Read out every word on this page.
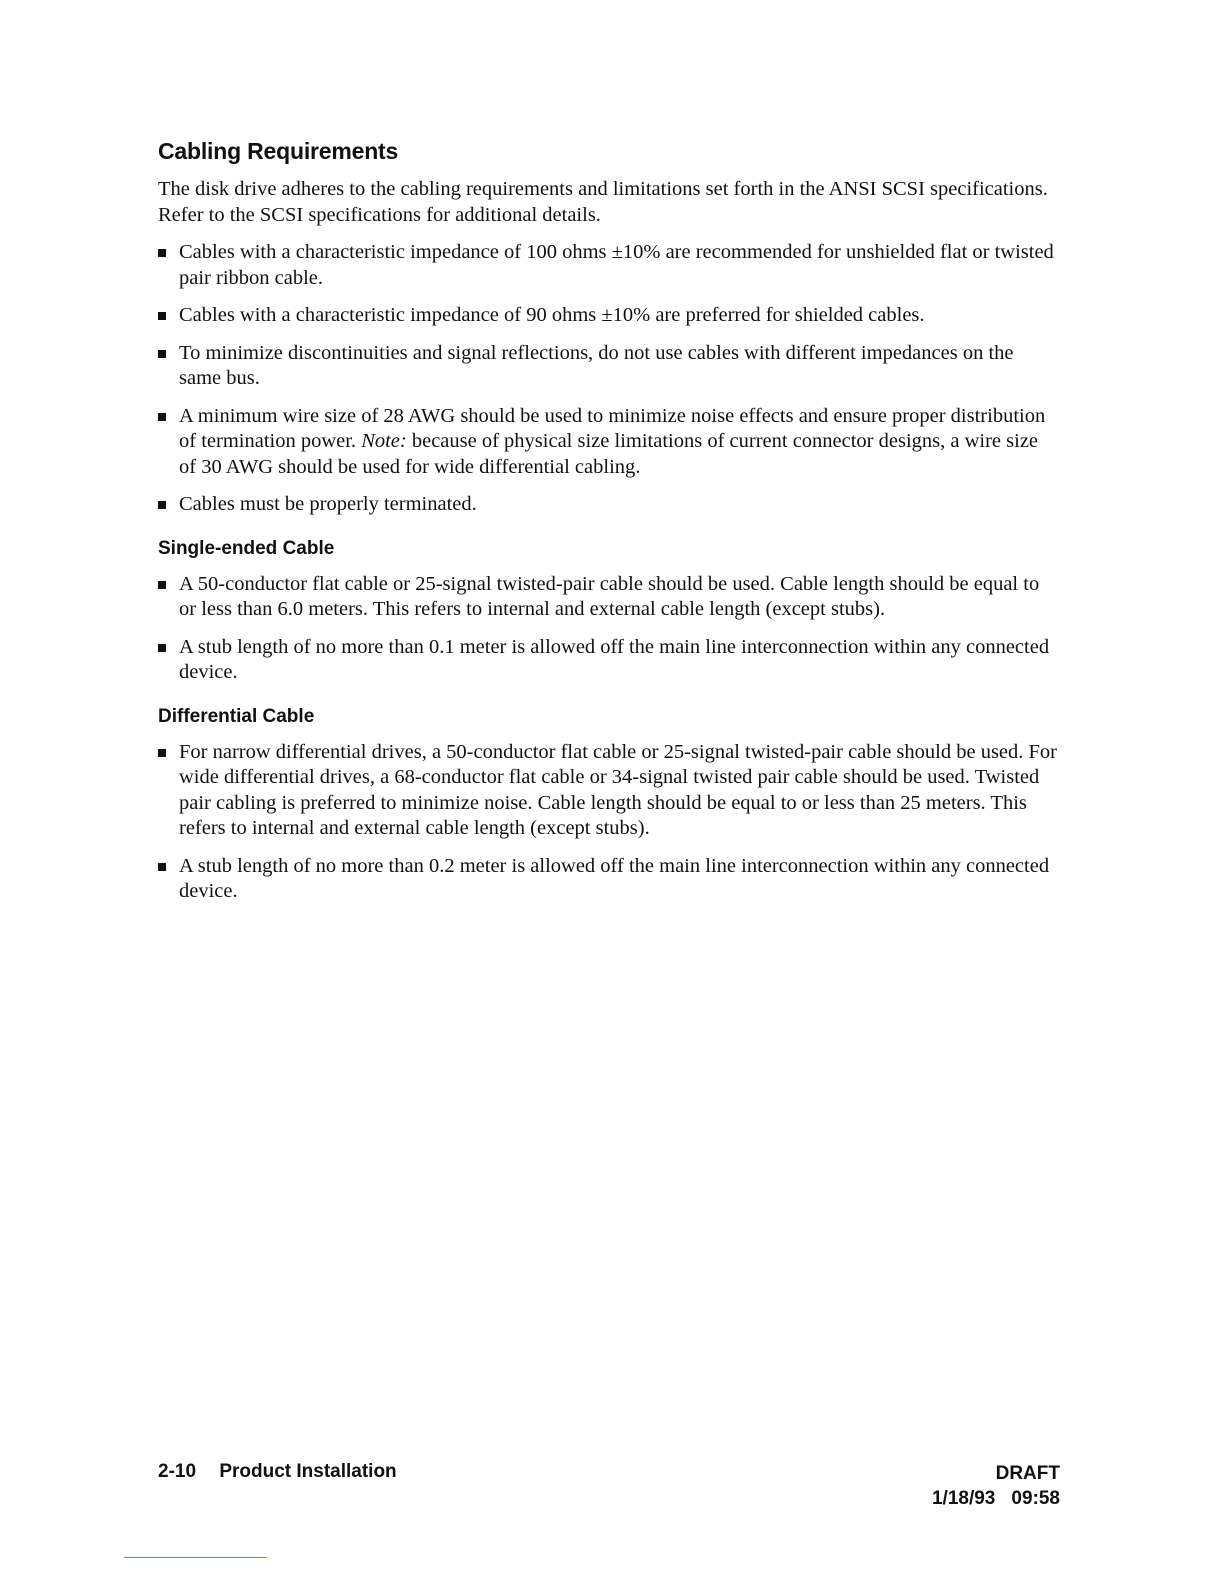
Cabling Requirements

The disk drive adheres to the cabling requirements and limitations set forth in the ANSI SCSI specifications. Refer to the SCSI specifications for additional details.

Cables with a characteristic impedance of 100 ohms ±10% are recommended for unshielded flat or twisted pair ribbon cable.
Cables with a characteristic impedance of 90 ohms ±10% are preferred for shielded cables.
To minimize discontinuities and signal reflections, do not use cables with different impedances on the same bus.
A minimum wire size of 28 AWG should be used to minimize noise effects and ensure proper distribution of termination power. Note: because of physical size limitations of current connector designs, a wire size of 30 AWG should be used for wide differential cabling.
Cables must be properly terminated.
Single-ended Cable
A 50-conductor flat cable or 25-signal twisted-pair cable should be used. Cable length should be equal to or less than 6.0 meters. This refers to internal and external cable length (except stubs).
A stub length of no more than 0.1 meter is allowed off the main line interconnection within any connected device.
Differential Cable
For narrow differential drives, a 50-conductor flat cable or 25-signal twisted-pair cable should be used. For wide differential drives, a 68-conductor flat cable or 34-signal twisted pair cable should be used. Twisted pair cabling is preferred to minimize noise. Cable length should be equal to or less than 25 meters. This refers to internal and external cable length (except stubs).
A stub length of no more than 0.2 meter is allowed off the main line interconnection within any connected device.
2-10 Product Installation	DRAFT
1/18/93 09:58
